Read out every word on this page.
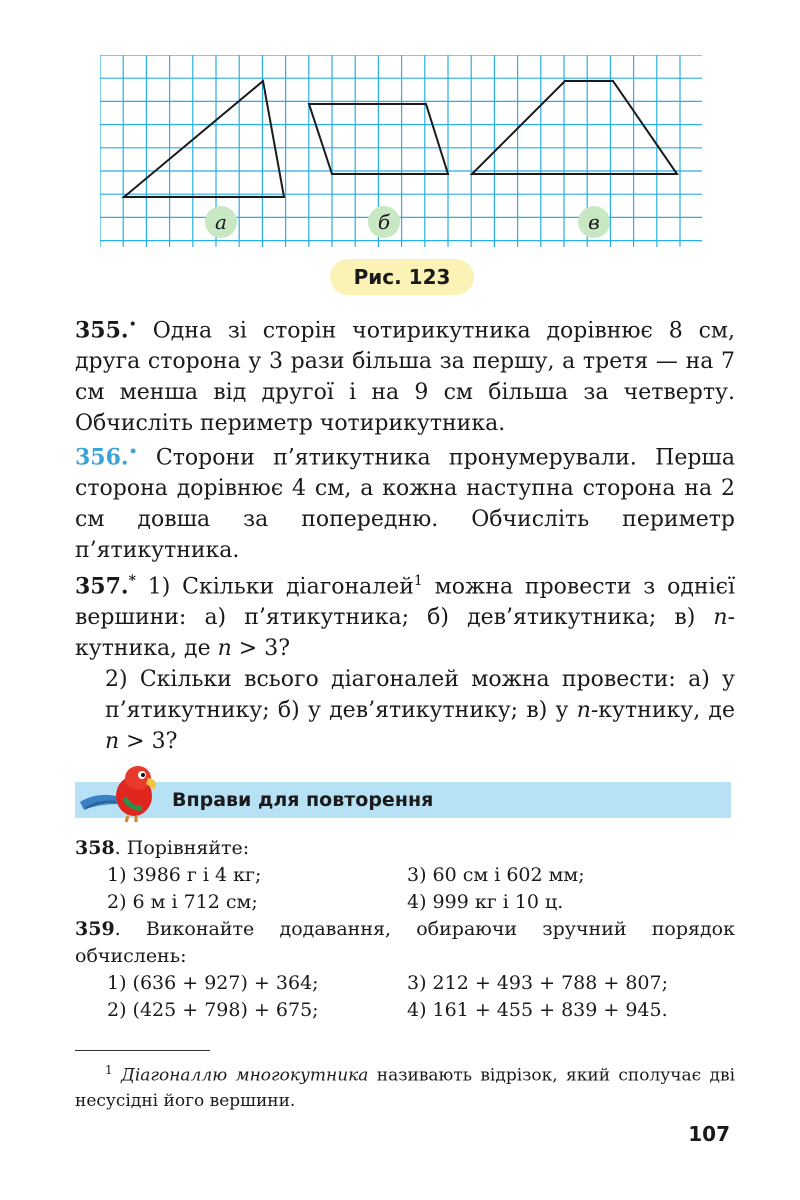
а	б	в
Рис. 123
355.• Одна зі сторін чотирикутника дорівнює 8 см, друга сторона у 3 рази більша за першу, а третя — на 7 см менша від другої і на 9 см більша за четверту. Обчисліть периметр чотирикутника.
356.• Сторони п’ятикутника пронумерували. Перша сторона дорівнює 4 см, а кожна наступна сторона на 2 см довша за попередню. Обчисліть периметр п’ятикутника.
357.* 1) Скільки діагоналей$^1$ можна провести з однієї вершини: а) п’ятикутника; б) дев’ятикутника; в) n-кутника, де n > 3?
2) Скільки всього діагоналей можна провести: а) у п’ятикутнику; б) у дев’ятикутнику; в) у n-кутнику, де n > 3?
Вправи для повторення
358. Порівняйте:
1) 3986 г і 4 кг;	3) 60 см і 602 мм;
2) 6 м і 712 см;	4) 999 кг і 10 ц.
359. Виконайте додавання, обираючи зручний порядок обчислень:
1) (636 + 927) + 364;	3) 212 + 493 + 788 + 807;
2) (425 + 798) + 675;	4) 161 + 455 + 839 + 945.
$^1$ Діагоналлю многокутника називають відрізок, який сполучає дві несусідні його вершини.
107
